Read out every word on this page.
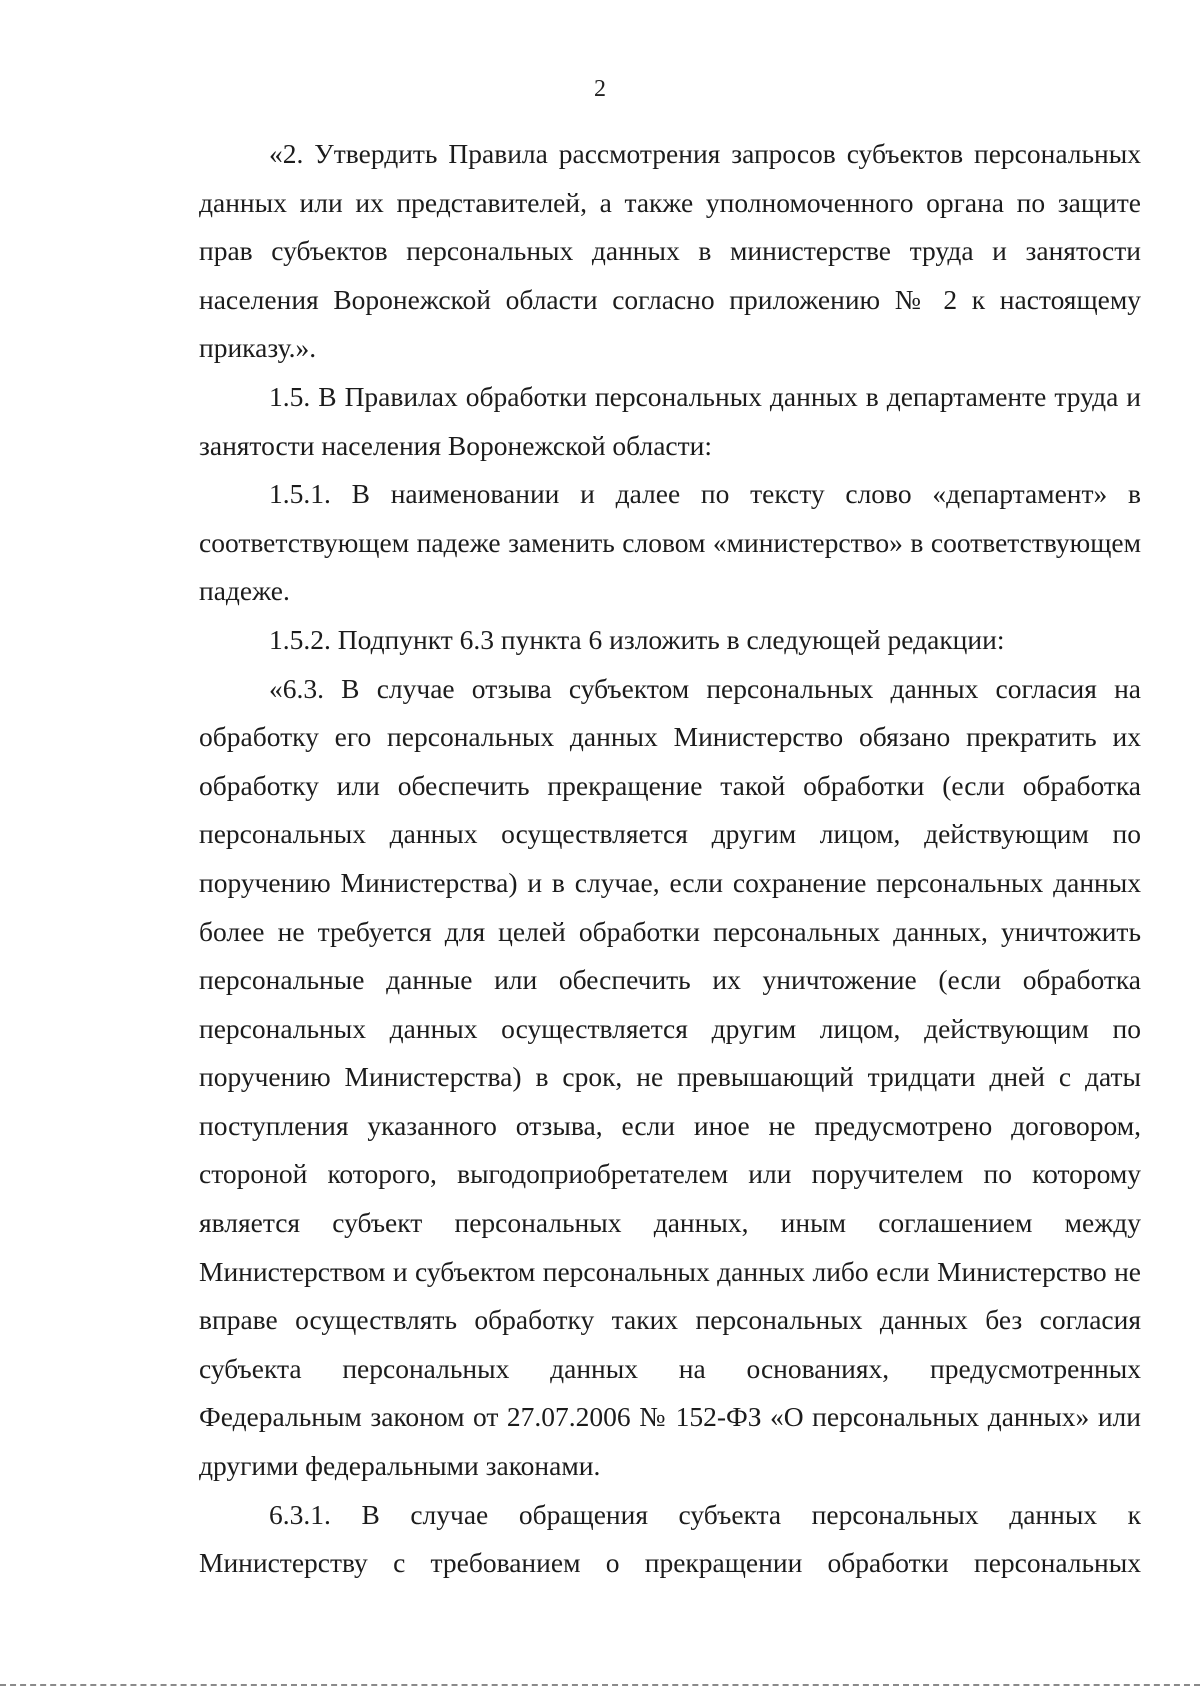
2

«2. Утвердить Правила рассмотрения запросов субъектов персональных данных или их представителей, а также уполномоченного органа по защите прав субъектов персональных данных в министерстве труда и занятости населения Воронежской области согласно приложению № 2 к настоящему приказу.».

1.5. В Правилах обработки персональных данных в департаменте труда и занятости населения Воронежской области:

1.5.1. В наименовании и далее по тексту слово «департамент» в соответствующем падеже заменить словом «министерство» в соответствующем падеже.

1.5.2. Подпункт 6.3 пункта 6 изложить в следующей редакции:

«6.3. В случае отзыва субъектом персональных данных согласия на обработку его персональных данных Министерство обязано прекратить их обработку или обеспечить прекращение такой обработки (если обработка персональных данных осуществляется другим лицом, действующим по поручению Министерства) и в случае, если сохранение персональных данных более не требуется для целей обработки персональных данных, уничтожить персональные данные или обеспечить их уничтожение (если обработка персональных данных осуществляется другим лицом, действующим по поручению Министерства) в срок, не превышающий тридцати дней с даты поступления указанного отзыва, если иное не предусмотрено договором, стороной которого, выгодоприобретателем или поручителем по которому является субъект персональных данных, иным соглашением между Министерством и субъектом персональных данных либо если Министерство не вправе осуществлять обработку таких персональных данных без согласия субъекта персональных данных на основаниях, предусмотренных Федеральным законом от 27.07.2006 № 152-ФЗ «О персональных данных» или другими федеральными законами.

6.3.1. В случае обращения субъекта персональных данных к Министерству с требованием о прекращении обработки персональных
